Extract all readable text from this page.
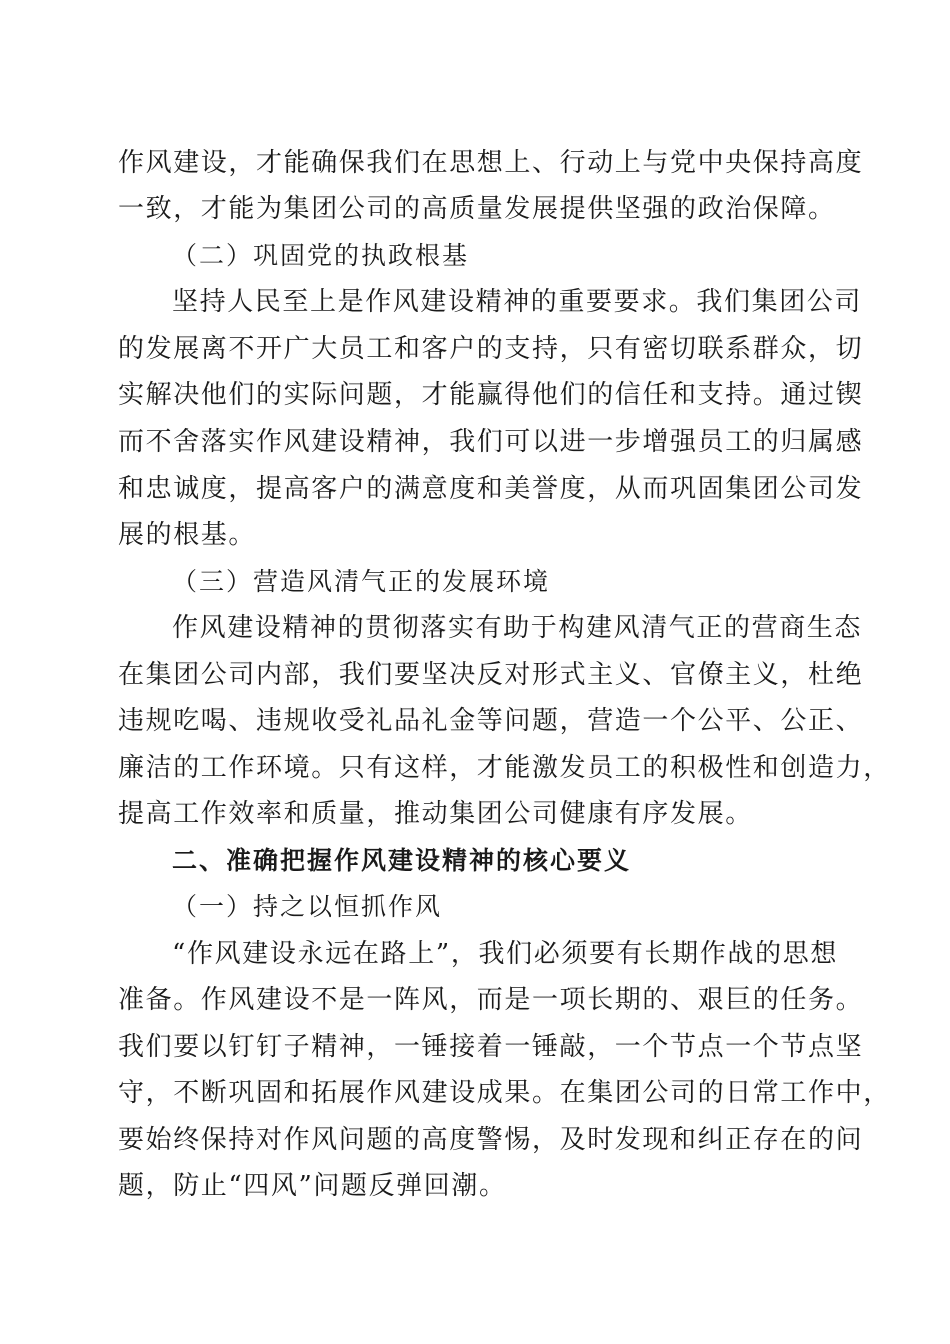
作风建设，才能确保我们在思想上、行动上与党中央保持高度
一致，才能为集团公司的高质量发展提供坚强的政治保障。
（二）巩固党的执政根基
坚持人民至上是作风建设精神的重要要求。我们集团公司
的发展离不开广大员工和客户的支持，只有密切联系群众，切
实解决他们的实际问题，才能赢得他们的信任和支持。通过锲
而不舍落实作风建设精神，我们可以进一步增强员工的归属感
和忠诚度，提高客户的满意度和美誉度，从而巩固集团公司发
展的根基。
（三）营造风清气正的发展环境
作风建设精神的贯彻落实有助于构建风清气正的营商生态
在集团公司内部，我们要坚决反对形式主义、官僚主义，杜绝
违规吃喝、违规收受礼品礼金等问题，营造一个公平、公正、
廉洁的工作环境。只有这样，才能激发员工的积极性和创造力，
提高工作效率和质量，推动集团公司健康有序发展。
二、准确把握作风建设精神的核心要义
（一）持之以恒抓作风
“作风建设永远在路上”，我们必须要有长期作战的思想
准备。作风建设不是一阵风，而是一项长期的、艰巨的任务。
我们要以钉钉子精神，一锤接着一锤敲，一个节点一个节点坚
守，不断巩固和拓展作风建设成果。在集团公司的日常工作中，
要始终保持对作风问题的高度警惕，及时发现和纠正存在的问
题，防止“四风”问题反弹回潮。
